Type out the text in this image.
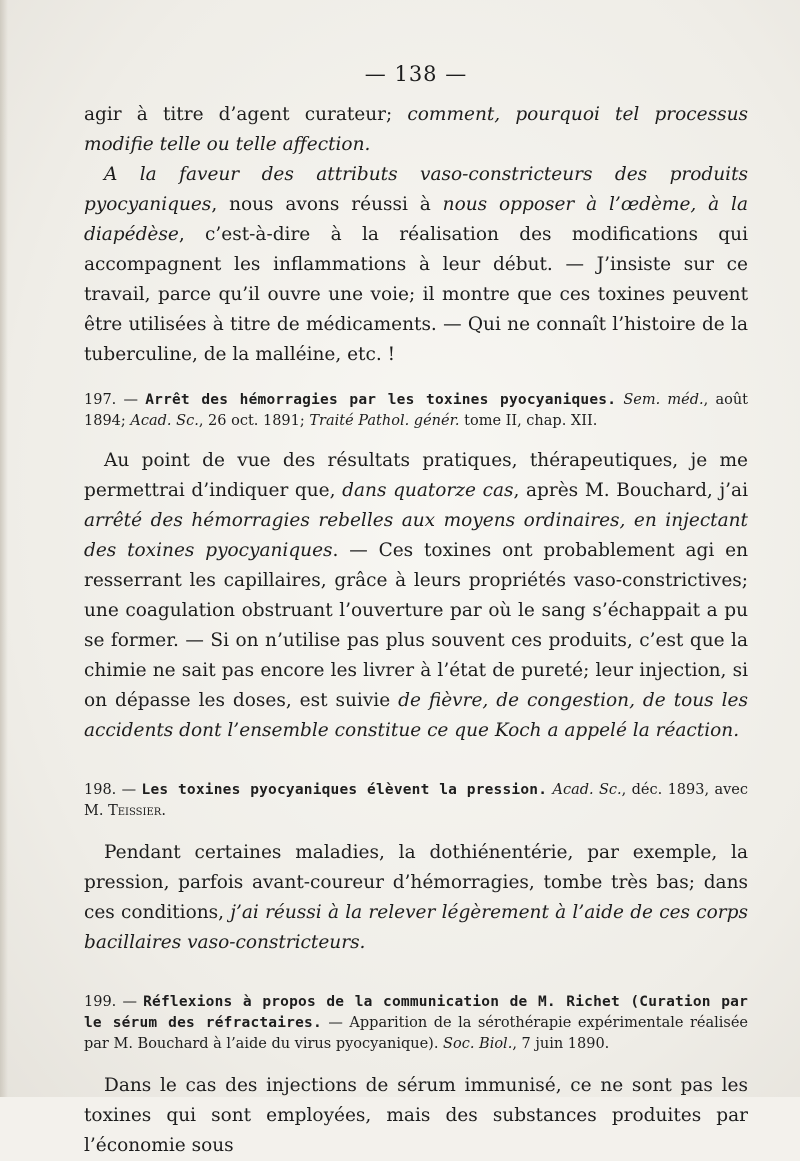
— 138 —

agir à titre d’agent curateur; comment, pourquoi tel processus modifie telle ou telle affection.

A la faveur des attributs vaso-constricteurs des produits pyocyaniques, nous avons réussi à nous opposer à l’œdème, à la diapédèse, c’est-à-dire à la réalisation des modifications qui accompagnent les inflammations à leur début. — J’insiste sur ce travail, parce qu’il ouvre une voie; il montre que ces toxines peuvent être utilisées à titre de médicaments. — Qui ne connaît l’histoire de la tuberculine, de la malléine, etc. !

197. — Arrêt des hémorragies par les toxines pyocyaniques. Sem. méd., août 1894; Acad. Sc., 26 oct. 1891; Traité Pathol. génér. tome II, chap. XII.

Au point de vue des résultats pratiques, thérapeutiques, je me permettrai d’indiquer que, dans quatorze cas, après M. Bouchard, j’ai arrêté des hémorragies rebelles aux moyens ordinaires, en injectant des toxines pyocyaniques. — Ces toxines ont probablement agi en resserrant les capillaires, grâce à leurs propriétés vaso-constrictives; une coagulation obstruant l’ouverture par où le sang s’échappait a pu se former. — Si on n’utilise pas plus souvent ces produits, c’est que la chimie ne sait pas encore les livrer à l’état de pureté; leur injection, si on dépasse les doses, est suivie de fièvre, de congestion, de tous les accidents dont l’ensemble constitue ce que Koch a appelé la réaction.

198. — Les toxines pyocyaniques élèvent la pression. Acad. Sc., déc. 1893, avec M. Teissier.

Pendant certaines maladies, la dothiénentérie, par exemple, la pression, parfois avant-coureur d’hémorragies, tombe très bas; dans ces conditions, j’ai réussi à la relever légèrement à l’aide de ces corps bacillaires vaso-constricteurs.

199. — Réflexions à propos de la communication de M. Richet (Curation par le sérum des réfractaires. — Apparition de la sérothérapie expérimentale réalisée par M. Bouchard à l’aide du virus pyocyanique). Soc. Biol., 7 juin 1890.

Dans le cas des injections de sérum immunisé, ce ne sont pas les toxines qui sont employées, mais des substances produites par l’économie sous
